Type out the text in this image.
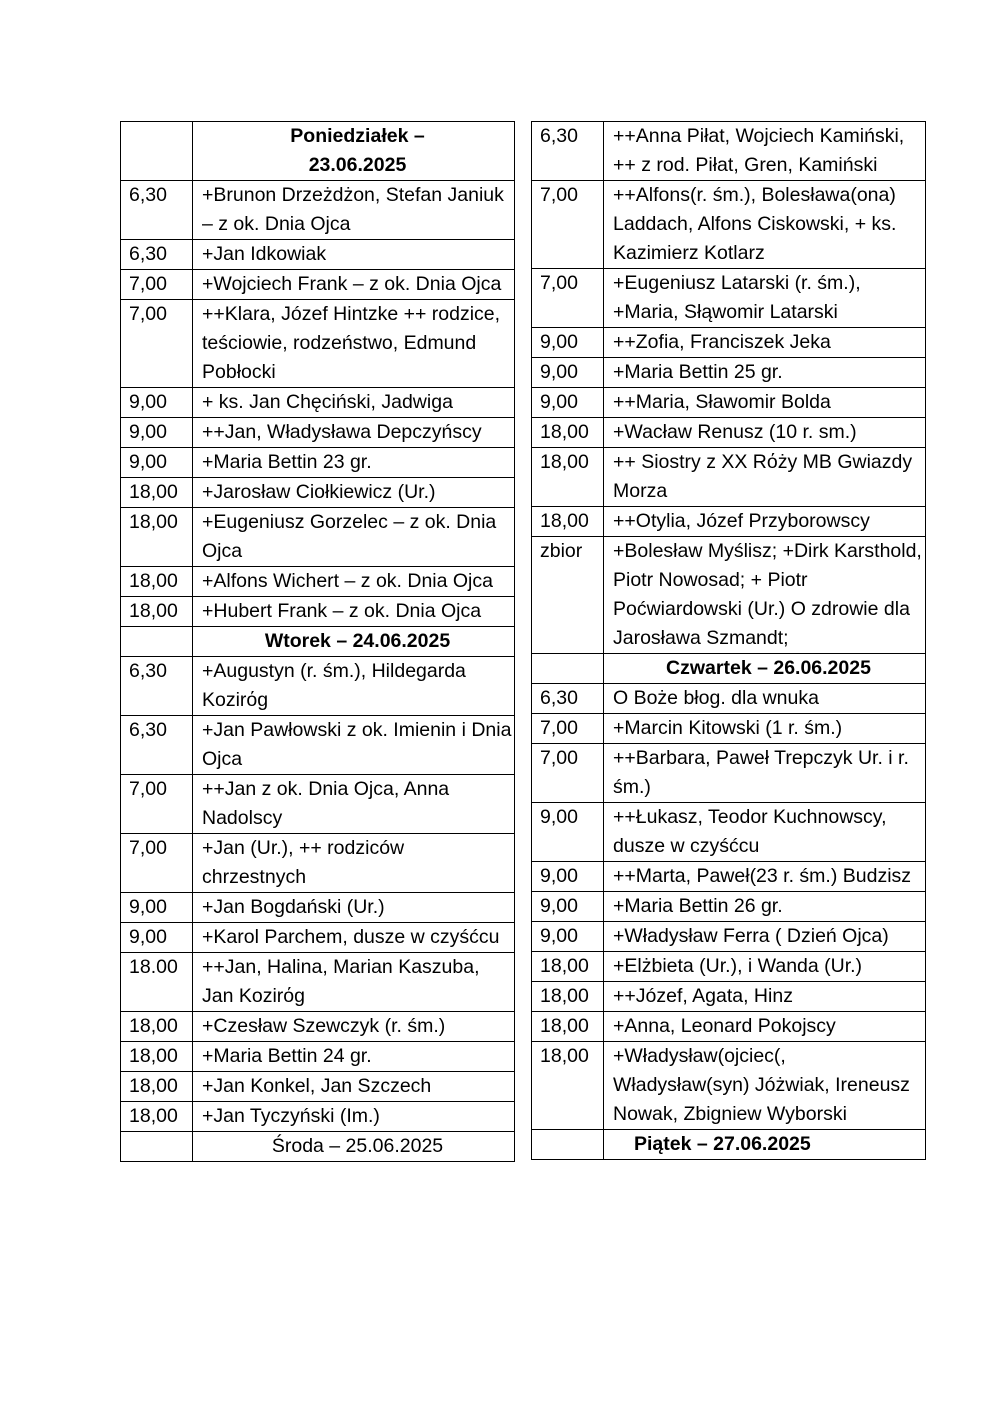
	Poniedziałek –
23.06.2025
6,30	+Brunon Drzeżdżon, Stefan Janiuk – z ok. Dnia Ojca
6,30	+Jan Idkowiak
7,00	+Wojciech Frank – z ok. Dnia Ojca
7,00	++Klara, Józef Hintzke ++ rodzice, teściowie, rodzeństwo, Edmund Pobłocki
9,00	+ ks. Jan Chęciński, Jadwiga
9,00	++Jan, Władysława Depczyńscy
9,00	+Maria Bettin 23 gr.
18,00	+Jarosław Ciołkiewicz (Ur.)
18,00	+Eugeniusz Gorzelec – z ok. Dnia Ojca
18,00	+Alfons Wichert – z ok. Dnia Ojca
18,00	+Hubert Frank – z ok. Dnia Ojca
	Wtorek – 24.06.2025
6,30	+Augustyn (r. śm.), Hildegarda Kozirόg
6,30	+Jan Pawłowski z ok. Imienin i Dnia Ojca
7,00	++Jan z ok. Dnia Ojca, Anna Nadolscy
7,00	+Jan (Ur.), ++ rodziców chrzestnych
9,00	+Jan Bogdański (Ur.)
9,00	+Karol Parchem, dusze w czyśćcu
18.00	++Jan, Halina, Marian Kaszuba, Jan Kozirόg
18,00	+Czesław Szewczyk (r. śm.)
18,00	+Maria Bettin 24 gr.
18,00	+Jan Konkel, Jan Szczech
18,00	+Jan Tyczyński (Im.)
	Środa – 25.06.2025
6,30	++Anna Piłat, Wojciech Kamiński, ++ z rod. Piłat, Gren, Kamiński
7,00	++Alfons(r. śm.), Bolesława(ona) Laddach, Alfons Ciskowski, + ks. Kazimierz Kotlarz
7,00	+Eugeniusz Latarski (r. śm.), +Maria, Słąwomir Latarski
9,00	++Zofia, Franciszek Jeka
9,00	+Maria Bettin 25 gr.
9,00	++Maria, Sławomir Bolda
18,00	+Wacław Renusz (10 r. sm.)
18,00	++ Siostry z XX Rόży MB Gwiazdy Morza
18,00	++Otylia, Józef Przyborowscy
zbior	+Bolesław Myślisz; +Dirk Karsthold, Piotr Nowosad; + Piotr Poćwiardowski (Ur.) O zdrowie dla Jarosława Szmandt;
	Czwartek – 26.06.2025
6,30	O Boże błog. dla wnuka
7,00	+Marcin Kitowski (1 r. śm.)
7,00	++Barbara, Paweł Trepczyk Ur. i r. śm.)
9,00	++Łukasz, Teodor Kuchnowscy, dusze w czyśćcu
9,00	++Marta, Paweł(23 r. śm.) Budzisz
9,00	+Maria Bettin 26 gr.
9,00	+Władysław Ferra ( Dzień Ojca)
18,00	+Elżbieta (Ur.), i Wanda (Ur.)
18,00	++Józef, Agata, Hinz
18,00	+Anna, Leonard Pokojscy
18,00	+Władysław(ojciec(, Władysław(syn) Jóżwiak, Ireneusz Nowak, Zbigniew Wyborski
	Piątek – 27.06.2025
